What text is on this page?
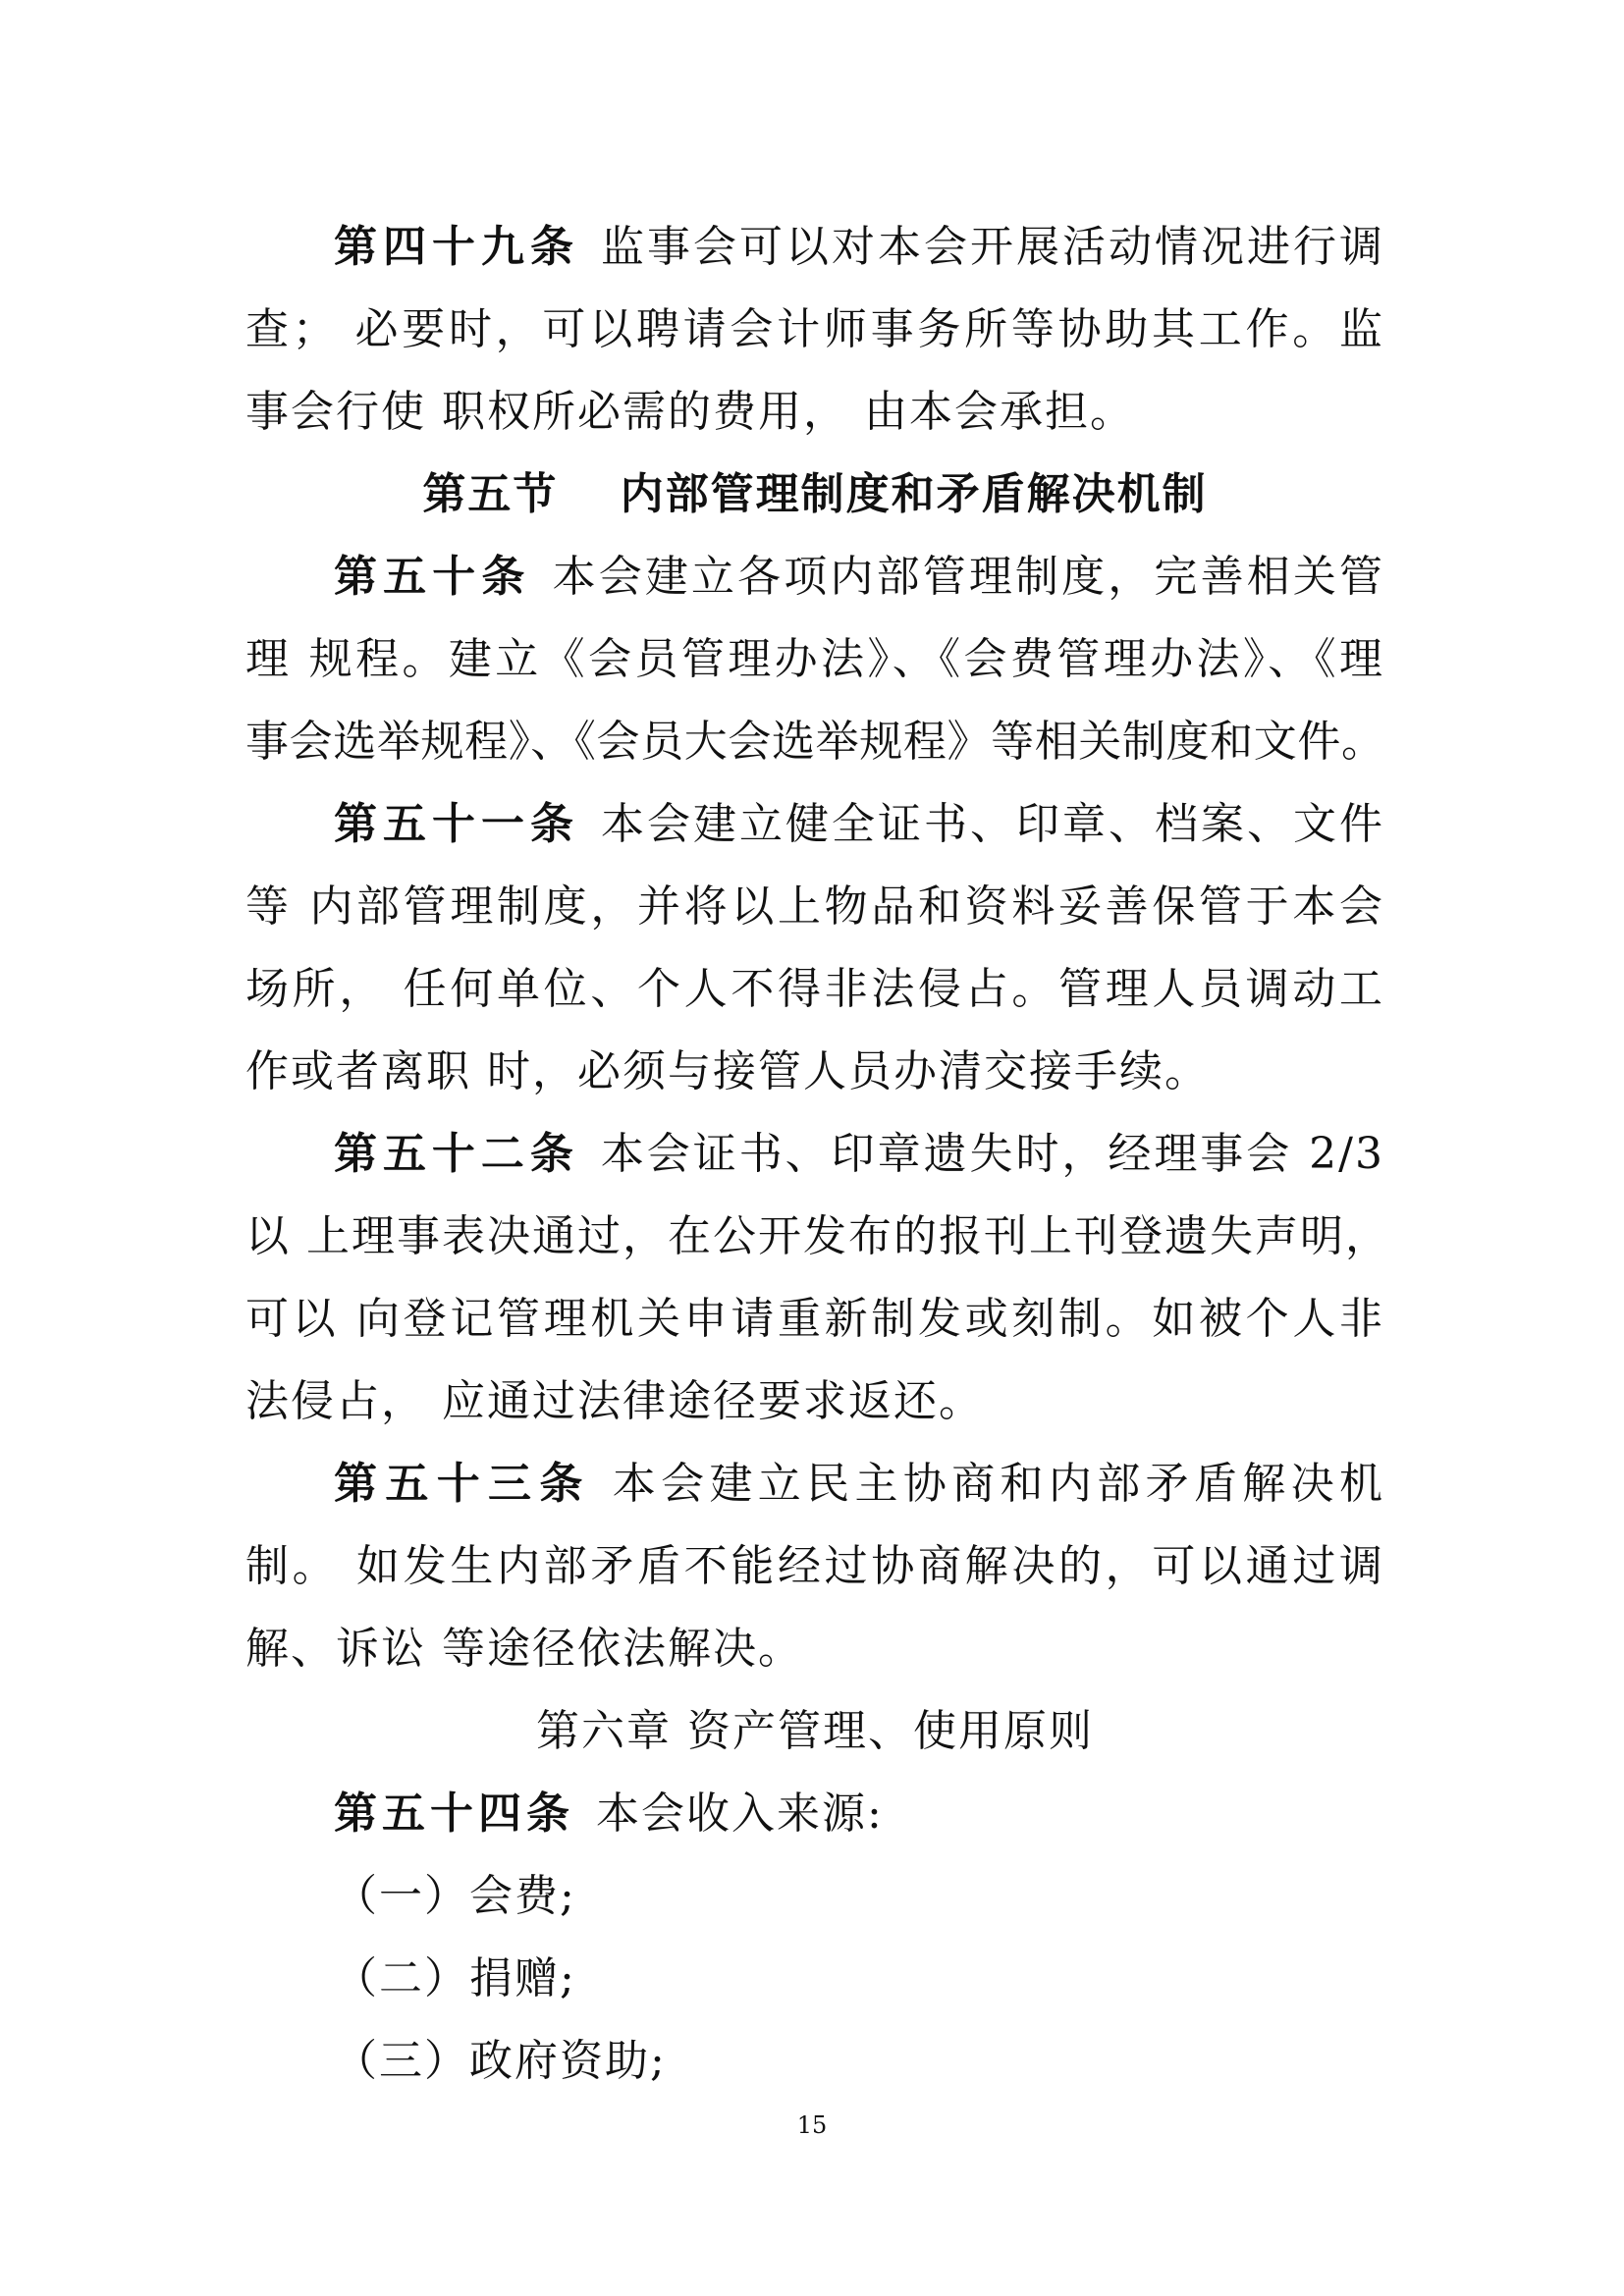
第四十九条 监事会可以对本会开展活动情况进行调
查； 必要时，可以聘请会计师事务所等协助其工作。监
事会行使 职权所必需的费用， 由本会承担。
第五节　 内部管理制度和矛盾解决机制
第五十条 本会建立各项内部管理制度，完善相关管
理 规程。建立《会员管理办法》、《会费管理办法》、《理
事会选举规程》、《会员大会选举规程》等相关制度和文件。
第五十一条 本会建立健全证书、印章、档案、文件
等 内部管理制度，并将以上物品和资料妥善保管于本会
场所， 任何单位、个人不得非法侵占。管理人员调动工
作或者离职 时，必须与接管人员办清交接手续。
第五十二条 本会证书、印章遗失时，经理事会 2/3
以 上理事表决通过，在公开发布的报刊上刊登遗失声明，
可以 向登记管理机关申请重新制发或刻制。如被个人非
法侵占， 应通过法律途径要求返还。
第五十三条 本会建立民主协商和内部矛盾解决机
制。 如发生内部矛盾不能经过协商解决的，可以通过调
解、诉讼 等途径依法解决。
第六章 资产管理、使用原则
第五十四条 本会收入来源:
（一）会费;
（二）捐赠;
（三）政府资助;
15
